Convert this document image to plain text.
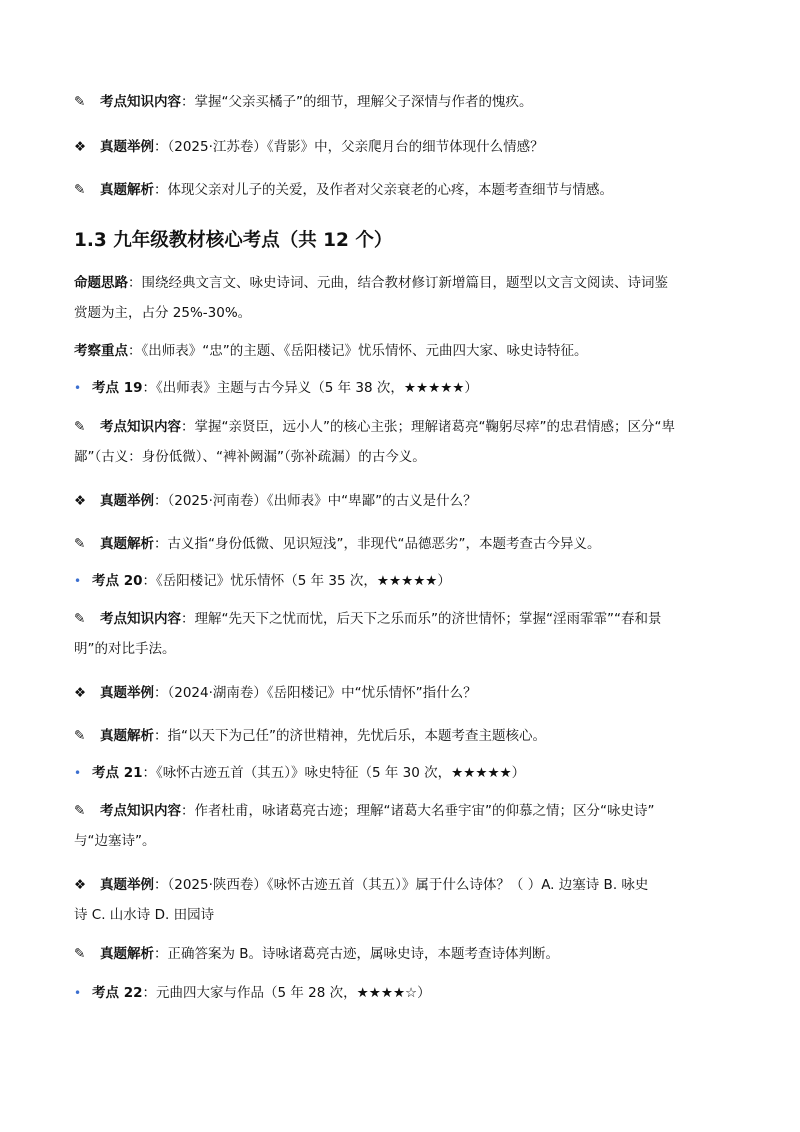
✎ 考点知识内容：掌握“父亲买橘子”的细节，理解父子深情与作者的愧疚。
❖ 真题举例：（2025·江苏卷）《背影》中，父亲爬月台的细节体现什么情感？
✎ 真题解析：体现父亲对儿子的关爱，及作者对父亲衰老的心疼，本题考查细节与情感。
1.3 九年级教材核心考点（共 12 个）
命题思路：围绕经典文言文、咏史诗词、元曲，结合教材修订新增篇目，题型以文言文阅读、诗词鉴
赏题为主，占分 25%-30%。
考察重点：《出师表》“忠”的主题、《岳阳楼记》忧乐情怀、元曲四大家、咏史诗特征。
• 考点 19：《出师表》主题与古今异义（5 年 38 次，★★★★★）
✎ 考点知识内容：掌握“亲贤臣，远小人”的核心主张；理解诸葛亮“鞠躬尽瘁”的忠君情感；区分“卑
鄙”（古义：身份低微）、“裨补阙漏”（弥补疏漏）的古今义。
❖ 真题举例：（2025·河南卷）《出师表》中“卑鄙”的古义是什么？
✎ 真题解析：古义指“身份低微、见识短浅”，非现代“品德恶劣”，本题考查古今异义。
• 考点 20：《岳阳楼记》忧乐情怀（5 年 35 次，★★★★★）
✎ 考点知识内容：理解“先天下之忧而忧，后天下之乐而乐”的济世情怀；掌握“淫雨霏霏”“春和景
明”的对比手法。
❖ 真题举例：（2024·湖南卷）《岳阳楼记》中“忧乐情怀”指什么？
✎ 真题解析：指“以天下为己任”的济世精神，先忧后乐，本题考查主题核心。
• 考点 21：《咏怀古迹五首（其五）》咏史特征（5 年 30 次，★★★★★）
✎ 考点知识内容：作者杜甫，咏诸葛亮古迹；理解“诸葛大名垂宇宙”的仰慕之情；区分“咏史诗”
与“边塞诗”。
❖ 真题举例：（2025·陕西卷）《咏怀古迹五首（其五）》属于什么诗体？（ ）A. 边塞诗 B. 咏史
诗 C. 山水诗 D. 田园诗
✎ 真题解析：正确答案为 B。诗咏诸葛亮古迹，属咏史诗，本题考查诗体判断。
• 考点 22：元曲四大家与作品（5 年 28 次，★★★★☆）
